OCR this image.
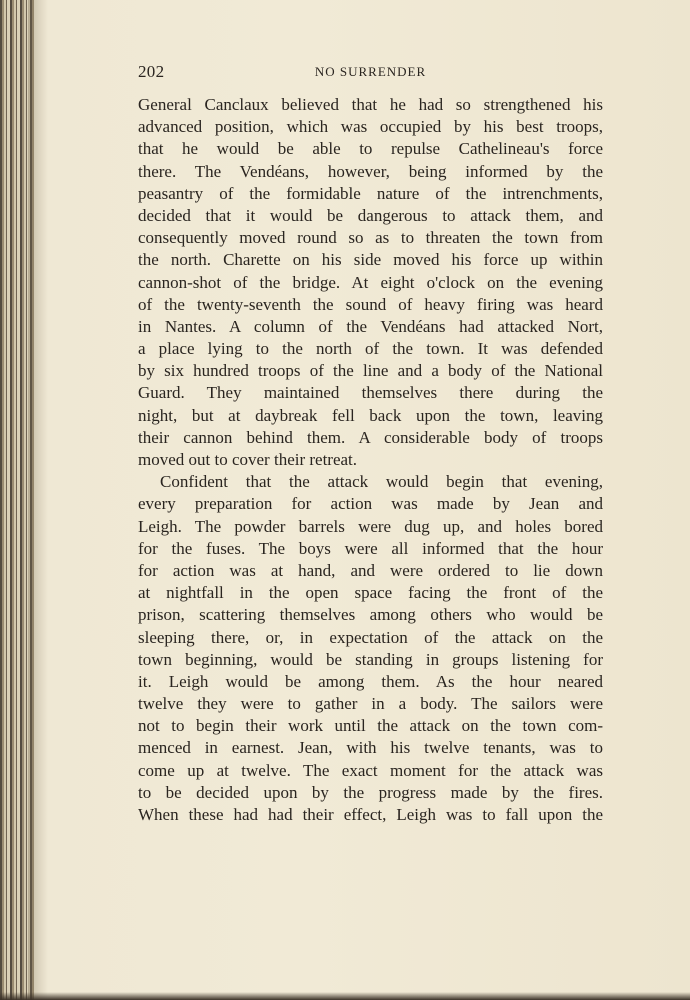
202	NO SURRENDER
General Canclaux believed that he had so strengthened his
advanced position, which was occupied by his best troops,
that he would be able to repulse Cathelineau's force
there. The Vendéans, however, being informed by the
peasantry of the formidable nature of the intrenchments,
decided that it would be dangerous to attack them, and
consequently moved round so as to threaten the town from
the north. Charette on his side moved his force up within
cannon-shot of the bridge. At eight o'clock on the evening
of the twenty-seventh the sound of heavy firing was heard
in Nantes. A column of the Vendéans had attacked Nort,
a place lying to the north of the town. It was defended
by six hundred troops of the line and a body of the National
Guard. They maintained themselves there during the
night, but at daybreak fell back upon the town, leaving
their cannon behind them. A considerable body of troops
moved out to cover their retreat.
Confident that the attack would begin that evening,
every preparation for action was made by Jean and
Leigh. The powder barrels were dug up, and holes bored
for the fuses. The boys were all informed that the hour
for action was at hand, and were ordered to lie down
at nightfall in the open space facing the front of the
prison, scattering themselves among others who would be
sleeping there, or, in expectation of the attack on the
town beginning, would be standing in groups listening for
it. Leigh would be among them. As the hour neared
twelve they were to gather in a body. The sailors were
not to begin their work until the attack on the town com-
menced in earnest. Jean, with his twelve tenants, was to
come up at twelve. The exact moment for the attack was
to be decided upon by the progress made by the fires.
When these had had their effect, Leigh was to fall upon the
